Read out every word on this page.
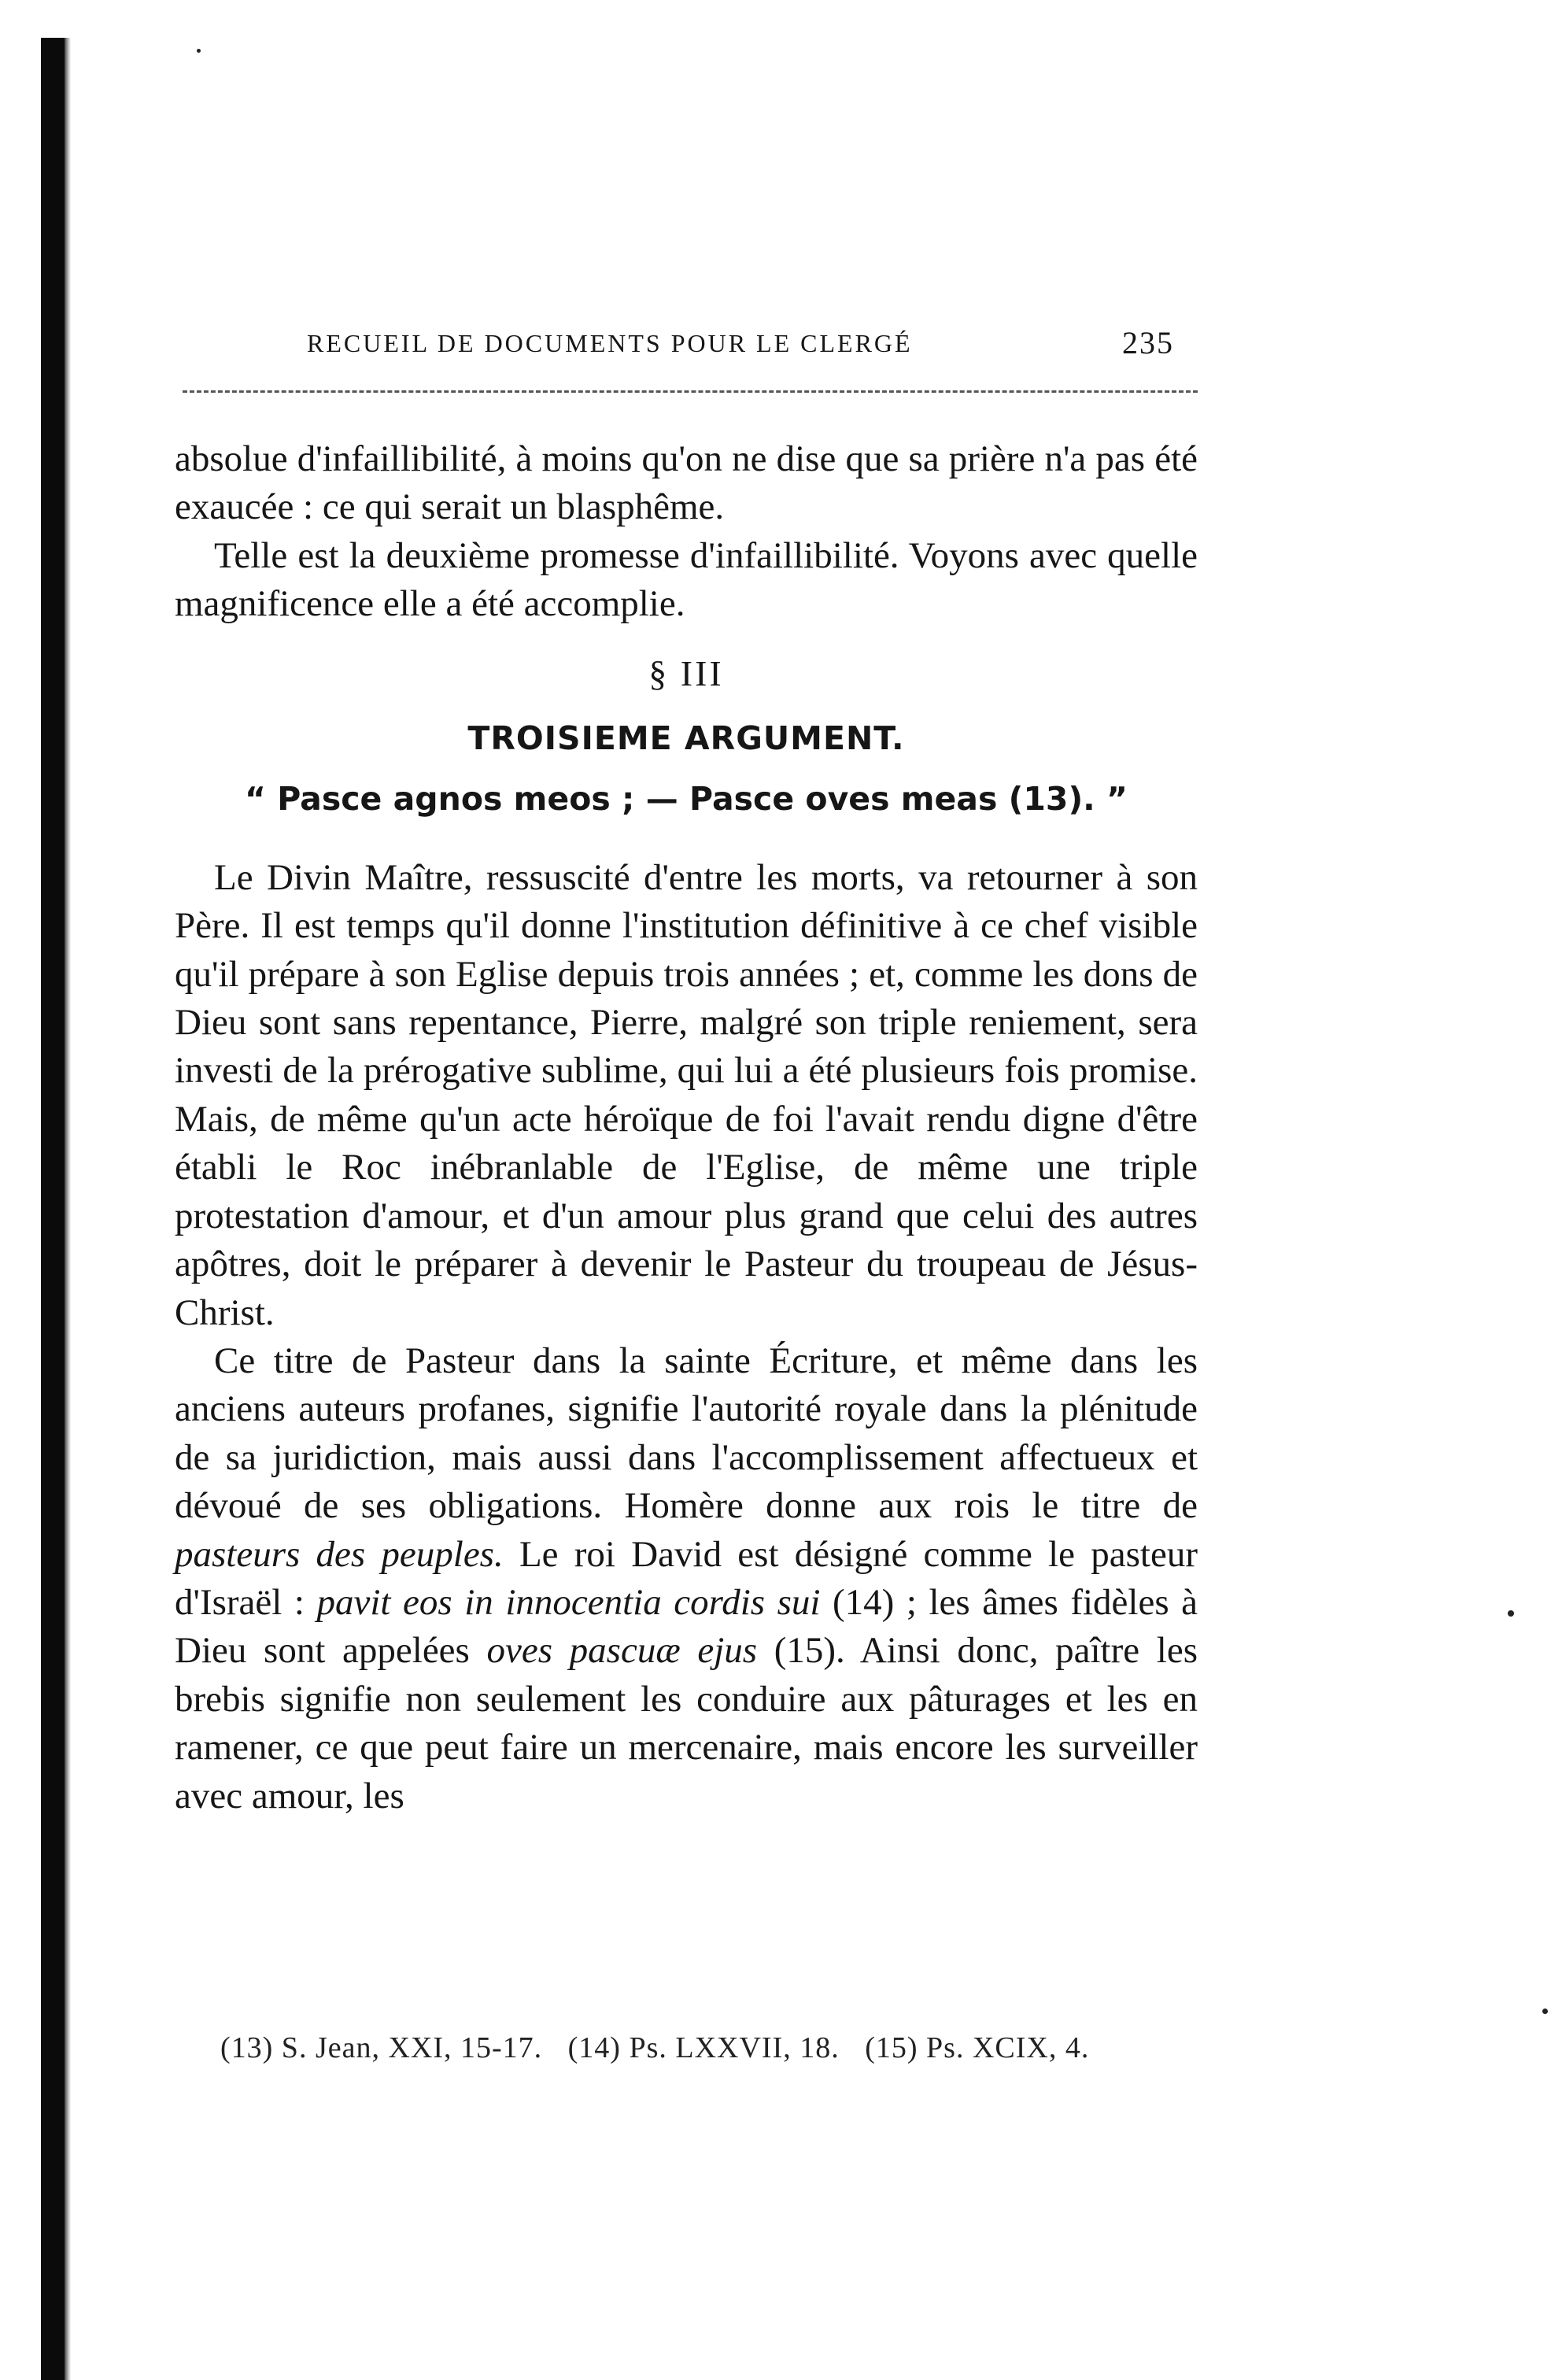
RECUEIL DE DOCUMENTS POUR LE CLERGÉ	235

absolue d'infaillibilité, à moins qu'on ne dise que sa prière n'a pas été exaucée : ce qui serait un blasphême.

Telle est la deuxième promesse d'infaillibilité. Voyons avec quelle magnificence elle a été accomplie.

§ III

TROISIEME ARGUMENT.

“ Pasce agnos meos ; — Pasce oves meas (13). ”

Le Divin Maître, ressuscité d'entre les morts, va retourner à son Père. Il est temps qu'il donne l'institution définitive à ce chef visible qu'il prépare à son Eglise depuis trois années ; et, comme les dons de Dieu sont sans repentance, Pierre, malgré son triple reniement, sera investi de la prérogative sublime, qui lui a été plusieurs fois promise. Mais, de même qu'un acte héroïque de foi l'avait rendu digne d'être établi le Roc inébranlable de l'Eglise, de même une triple protestation d'amour, et d'un amour plus grand que celui des autres apôtres, doit le préparer à devenir le Pasteur du troupeau de Jésus-Christ.

Ce titre de Pasteur dans la sainte Écriture, et même dans les anciens auteurs profanes, signifie l'autorité royale dans la plénitude de sa juridiction, mais aussi dans l'accomplissement affectueux et dévoué de ses obligations. Homère donne aux rois le titre de pasteurs des peuples. Le roi David est désigné comme le pasteur d'Israël : pavit eos in innocentia cordis sui (14) ; les âmes fidèles à Dieu sont appelées oves pascuæ ejus (15). Ainsi donc, paître les brebis signifie non seulement les conduire aux pâturages et les en ramener, ce que peut faire un mercenaire, mais encore les surveiller avec amour, les

(13) S. Jean, XXI, 15-17. (14) Ps. LXXVII, 18. (15) Ps. XCIX, 4.
